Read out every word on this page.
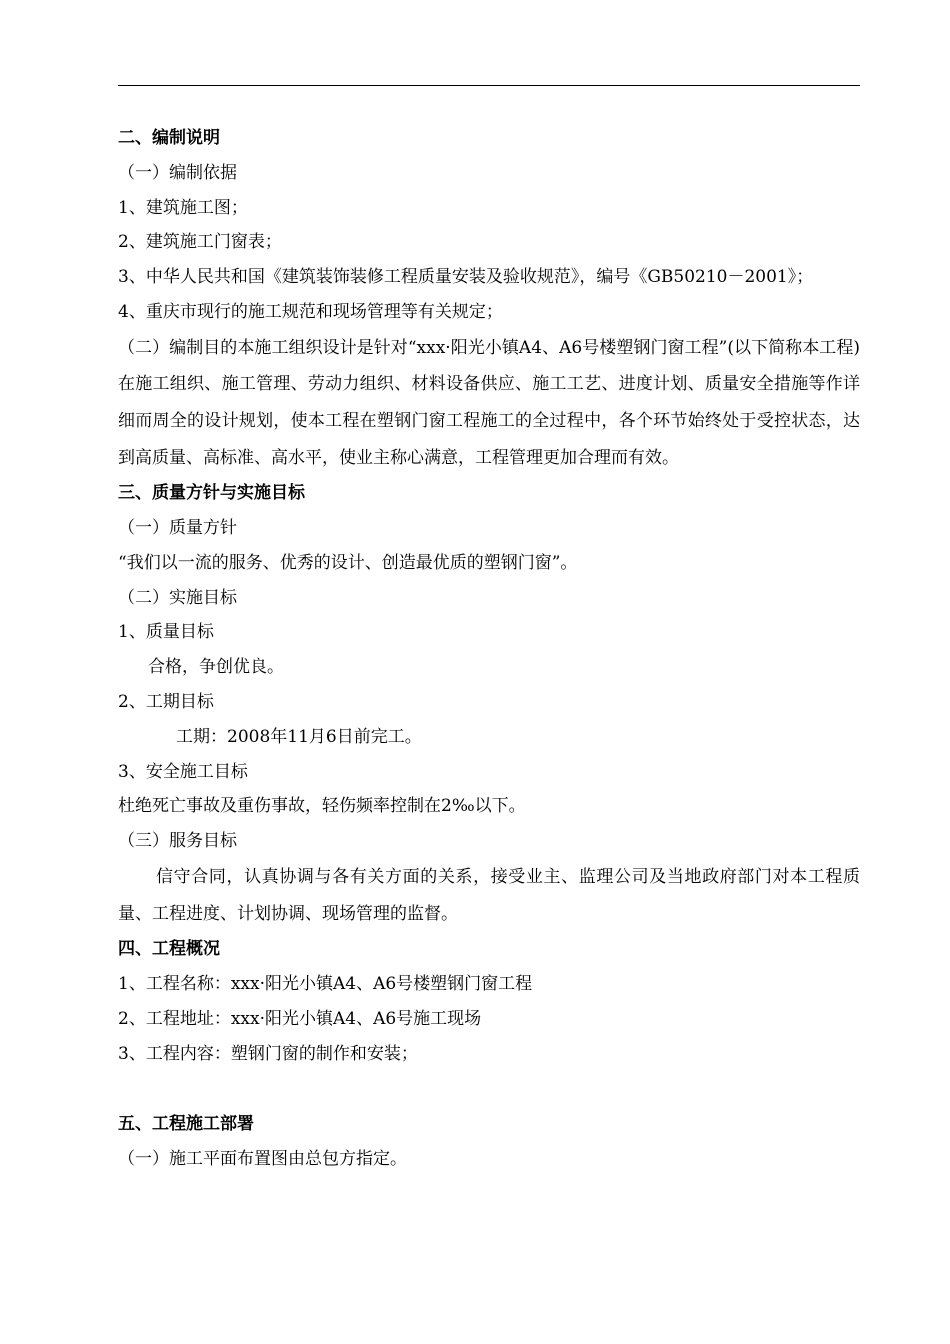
二、编制说明
（一）编制依据
1、建筑施工图；
2、建筑施工门窗表；
3、中华人民共和国《建筑装饰装修工程质量安装及验收规范》，编号《GB50210－2001》；
4、重庆市现行的施工规范和现场管理等有关规定；
（二）编制目的本施工组织设计是针对“xxx·阳光小镇A4、A6号楼塑钢门窗工程”(以下简称本工程)在施工组织、施工管理、劳动力组织、材料设备供应、施工工艺、进度计划、质量安全措施等作详细而周全的设计规划，使本工程在塑钢门窗工程施工的全过程中，各个环节始终处于受控状态，达到高质量、高标准、高水平，使业主称心满意，工程管理更加合理而有效。
三、质量方针与实施目标
（一）质量方针
“我们以一流的服务、优秀的设计、创造最优质的塑钢门窗”。
（二）实施目标
1、质量目标
合格，争创优良。
2、工期目标
工期：2008年11月6日前完工。
3、安全施工目标
杜绝死亡事故及重伤事故，轻伤频率控制在2‰以下。
（三）服务目标
信守合同，认真协调与各有关方面的关系，接受业主、监理公司及当地政府部门对本工程质量、工程进度、计划协调、现场管理的监督。
四、工程概况
1、工程名称：xxx·阳光小镇A4、A6号楼塑钢门窗工程
2、工程地址：xxx·阳光小镇A4、A6号施工现场
3、工程内容：塑钢门窗的制作和安装；
五、工程施工部署
（一）施工平面布置图由总包方指定。
